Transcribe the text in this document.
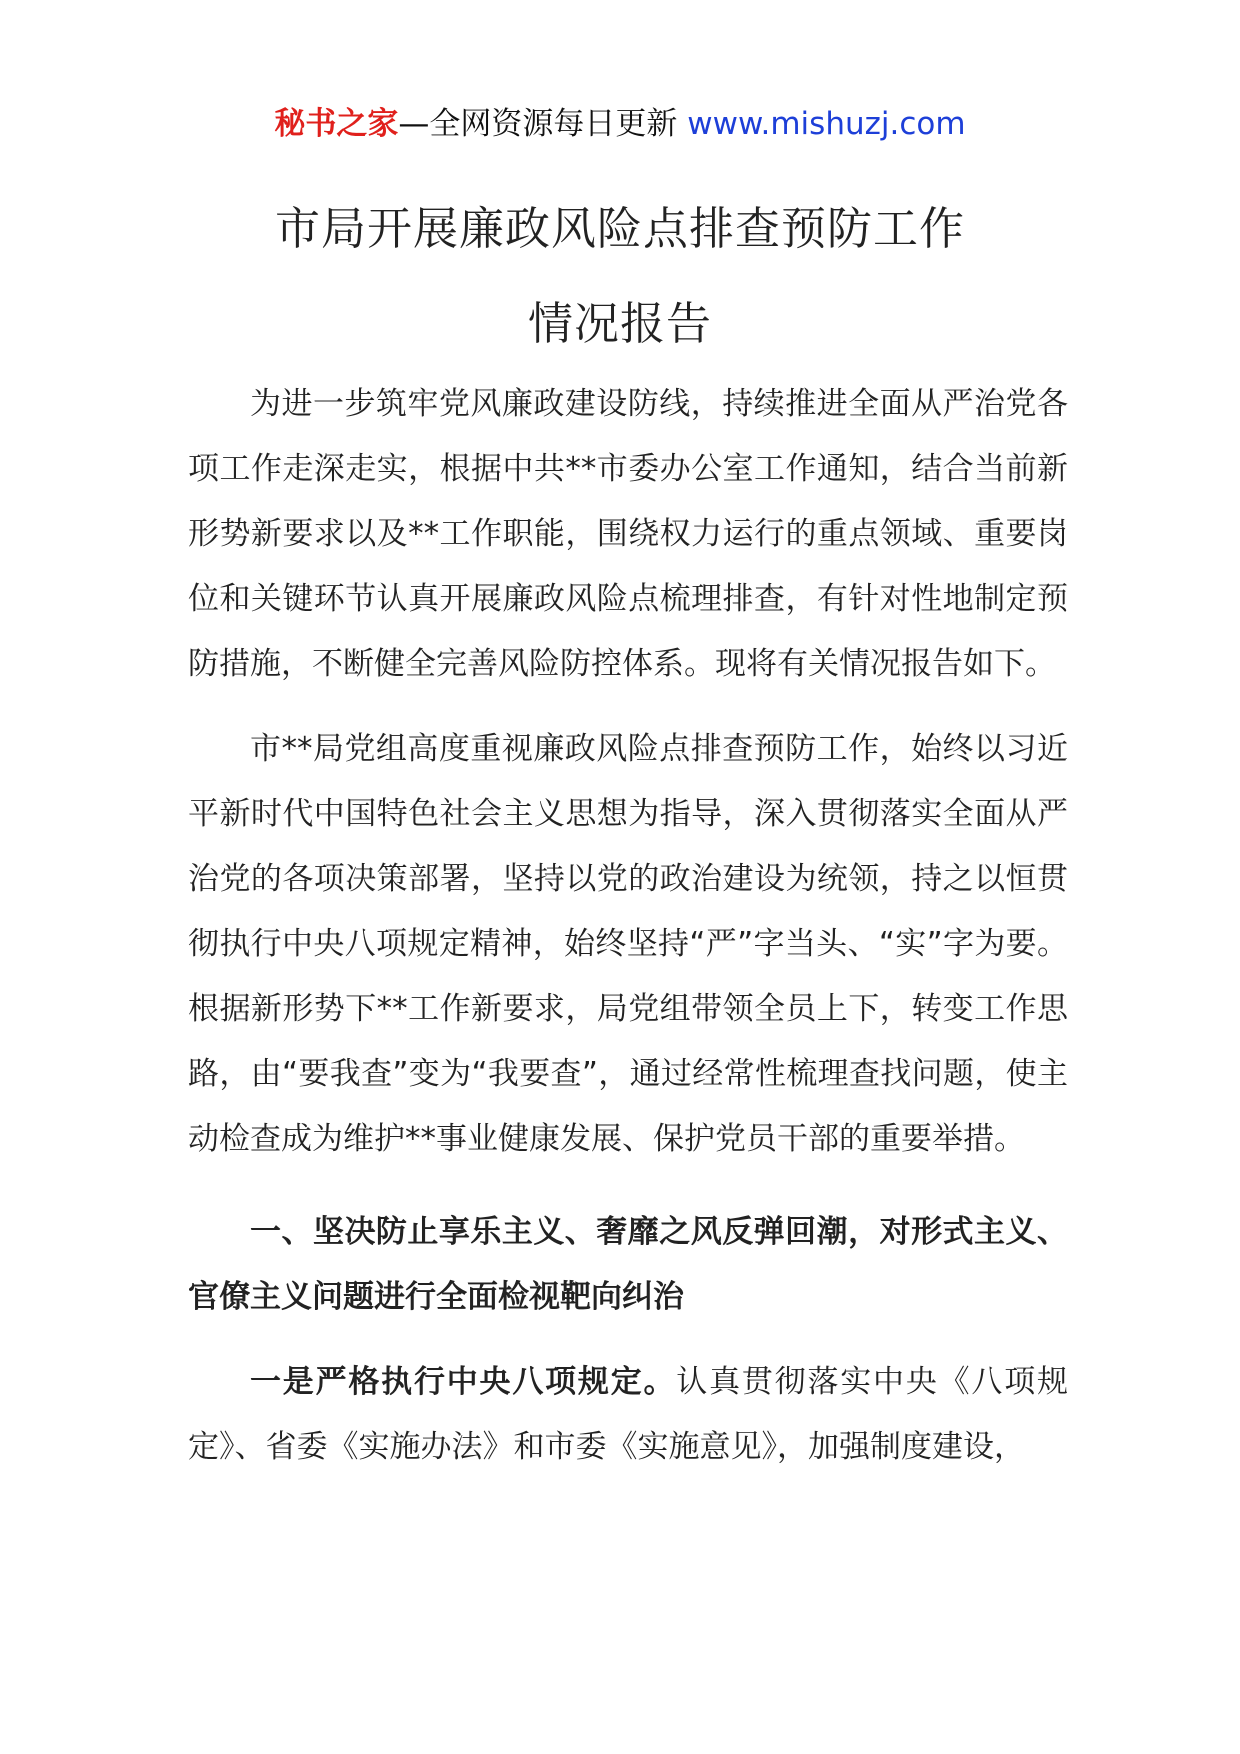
秘书之家—全网资源每日更新 www.mishuzj.com
市局开展廉政风险点排查预防工作
情况报告

为进一步筑牢党风廉政建设防线，持续推进全面从严治党各项工作走深走实，根据中共**市委办公室工作通知，结合当前新形势新要求以及**工作职能，围绕权力运行的重点领域、重要岗位和关键环节认真开展廉政风险点梳理排查，有针对性地制定预防措施，不断健全完善风险防控体系。现将有关情况报告如下。

市**局党组高度重视廉政风险点排查预防工作，始终以习近平新时代中国特色社会主义思想为指导，深入贯彻落实全面从严治党的各项决策部署，坚持以党的政治建设为统领，持之以恒贯彻执行中央八项规定精神，始终坚持“严”字当头、“实”字为要。根据新形势下**工作新要求，局党组带领全员上下，转变工作思路，由“要我查”变为“我要查”，通过经常性梳理查找问题，使主动检查成为维护**事业健康发展、保护党员干部的重要举措。

一、坚决防止享乐主义、奢靡之风反弹回潮，对形式主义、官僚主义问题进行全面检视靶向纠治

一是严格执行中央八项规定。认真贯彻落实中央《八项规定》、省委《实施办法》和市委《实施意见》，加强制度建设，
